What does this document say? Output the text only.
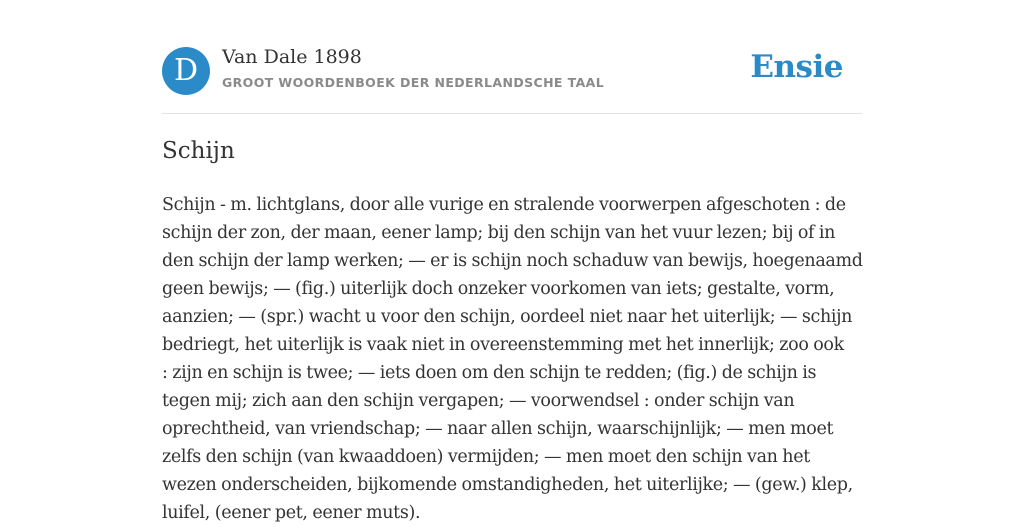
D	Van Dale 1898
GROOT WOORDENBOEK DER NEDERLANDSCHE TAAL	Ensie
Schijn
Schijn - m. lichtglans, door alle vurige en stralende voorwerpen afgeschoten : de
schijn der zon, der maan, eener lamp; bij den schijn van het vuur lezen; bij of in
den schijn der lamp werken; — er is schijn noch schaduw van bewijs, hoegenaamd
geen bewijs; — (fig.) uiterlijk doch onzeker voorkomen van iets; gestalte, vorm,
aanzien; — (spr.) wacht u voor den schijn, oordeel niet naar het uiterlijk; — schijn
bedriegt, het uiterlijk is vaak niet in overeenstemming met het innerlijk; zoo ook
: zijn en schijn is twee; — iets doen om den schijn te redden; (fig.) de schijn is
tegen mij; zich aan den schijn vergapen; — voorwendsel : onder schijn van
oprechtheid, van vriendschap; — naar allen schijn, waarschijnlijk; — men moet
zelfs den schijn (van kwaaddoen) vermijden; — men moet den schijn van het
wezen onderscheiden, bijkomende omstandigheden, het uiterlijke; — (gew.) klep,
luifel, (eener pet, eener muts).
